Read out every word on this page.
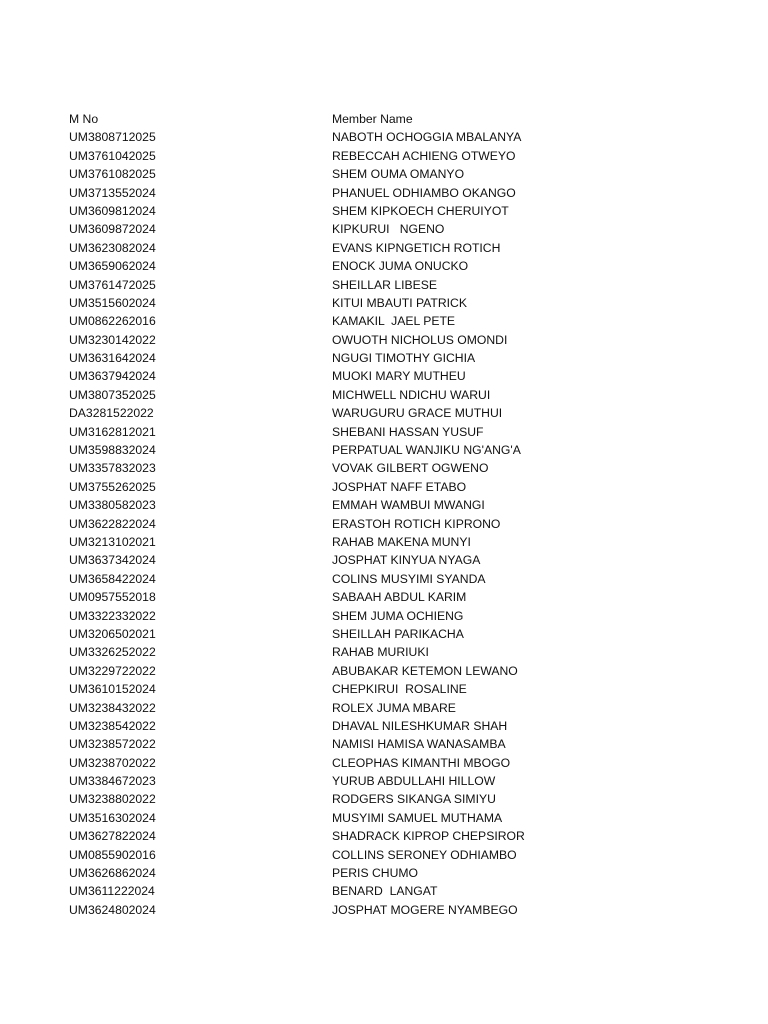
M No	Member Name
UM3808712025	NABOTH OCHOGGIA MBALANYA
UM3761042025	REBECCAH ACHIENG OTWEYO
UM3761082025	SHEM OUMA OMANYO
UM3713552024	PHANUEL ODHIAMBO OKANGO
UM3609812024	SHEM KIPKOECH CHERUIYOT
UM3609872024	KIPKURUI   NGENO
UM3623082024	EVANS KIPNGETICH ROTICH
UM3659062024	ENOCK JUMA ONUCKO
UM3761472025	SHEILLAR LIBESE
UM3515602024	KITUI MBAUTI PATRICK
UM0862262016	KAMAKIL  JAEL PETE
UM3230142022	OWUOTH NICHOLUS OMONDI
UM3631642024	NGUGI TIMOTHY GICHIA
UM3637942024	MUOKI MARY MUTHEU
UM3807352025	MICHWELL NDICHU WARUI
DA3281522022	WARUGURU GRACE MUTHUI
UM3162812021	SHEBANI HASSAN YUSUF
UM3598832024	PERPATUAL WANJIKU NG'ANG'A
UM3357832023	VOVAK GILBERT OGWENO
UM3755262025	JOSPHAT NAFF ETABO
UM3380582023	EMMAH WAMBUI MWANGI
UM3622822024	ERASTOH ROTICH KIPRONO
UM3213102021	RAHAB MAKENA MUNYI
UM3637342024	JOSPHAT KINYUA NYAGA
UM3658422024	COLINS MUSYIMI SYANDA
UM0957552018	SABAAH ABDUL KARIM
UM3322332022	SHEM JUMA OCHIENG
UM3206502021	SHEILLAH PARIKACHA
UM3326252022	RAHAB MURIUKI
UM3229722022	ABUBAKAR KETEMON LEWANO
UM3610152024	CHEPKIRUI  ROSALINE
UM3238432022	ROLEX JUMA MBARE
UM3238542022	DHAVAL NILESHKUMAR SHAH
UM3238572022	NAMISI HAMISA WANASAMBA
UM3238702022	CLEOPHAS KIMANTHI MBOGO
UM3384672023	YURUB ABDULLAHI HILLOW
UM3238802022	RODGERS SIKANGA SIMIYU
UM3516302024	MUSYIMI SAMUEL MUTHAMA
UM3627822024	SHADRACK KIPROP CHEPSIROR
UM0855902016	COLLINS SERONEY ODHIAMBO
UM3626862024	PERIS CHUMO
UM3611222024	BENARD  LANGAT
UM3624802024	JOSPHAT MOGERE NYAMBEGO
